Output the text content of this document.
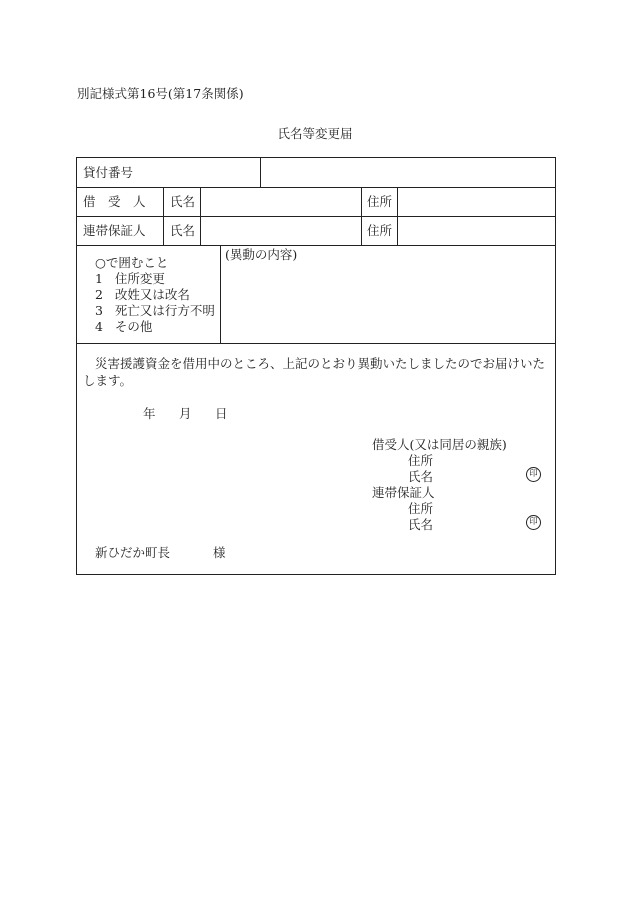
別記様式第16号(第17条関係)
氏名等変更届
貸付番号
借　受　人 氏名	住所
連帯保証人 氏名	住所
○で囲むこと
1 住所変更
2 改姓又は改名
3 死亡又は行方不明
4 その他
(異動の内容)
災害援護資金を借用中のところ、上記のとおり異動いたしましたのでお届けいたします。
年 月 日
借受人(又は同居の親族)
住所
氏名	印
連帯保証人
住所
氏名	印
新ひだか町長	様
